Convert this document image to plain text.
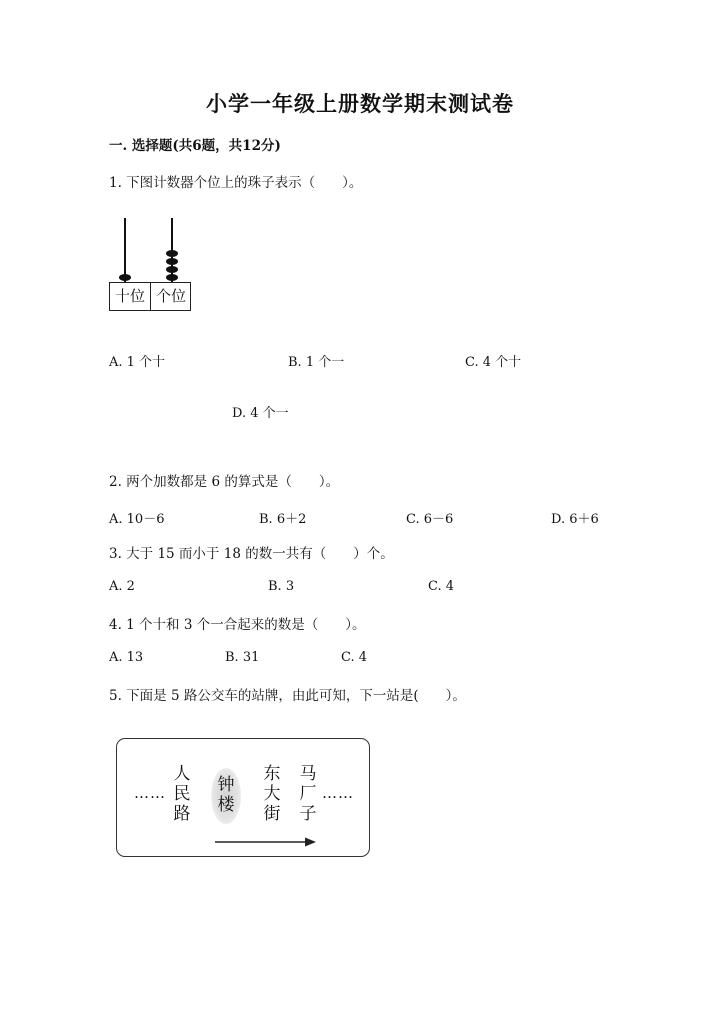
小学一年级上册数学期末测试卷
一. 选择题(共6题，共12分)
1. 下图计数器个位上的珠子表示（　　）。
十位 个位
A. 1 个十	B. 1 个一	C. 4 个十
D. 4 个一
2. 两个加数都是 6 的算式是（　　）。
A. 10－6	B. 6＋2	C. 6－6	D. 6＋6
3. 大于 15 而小于 18 的数一共有（　　）个。
A. 2	B. 3	C. 4
4. 1 个十和 3 个一合起来的数是（　　）。
A. 13	B. 31	C. 4
5. 下面是 5 路公交车的站牌，由此可知，下一站是(　　）。
……
人民路
钟楼
东大街
马厂子
……
